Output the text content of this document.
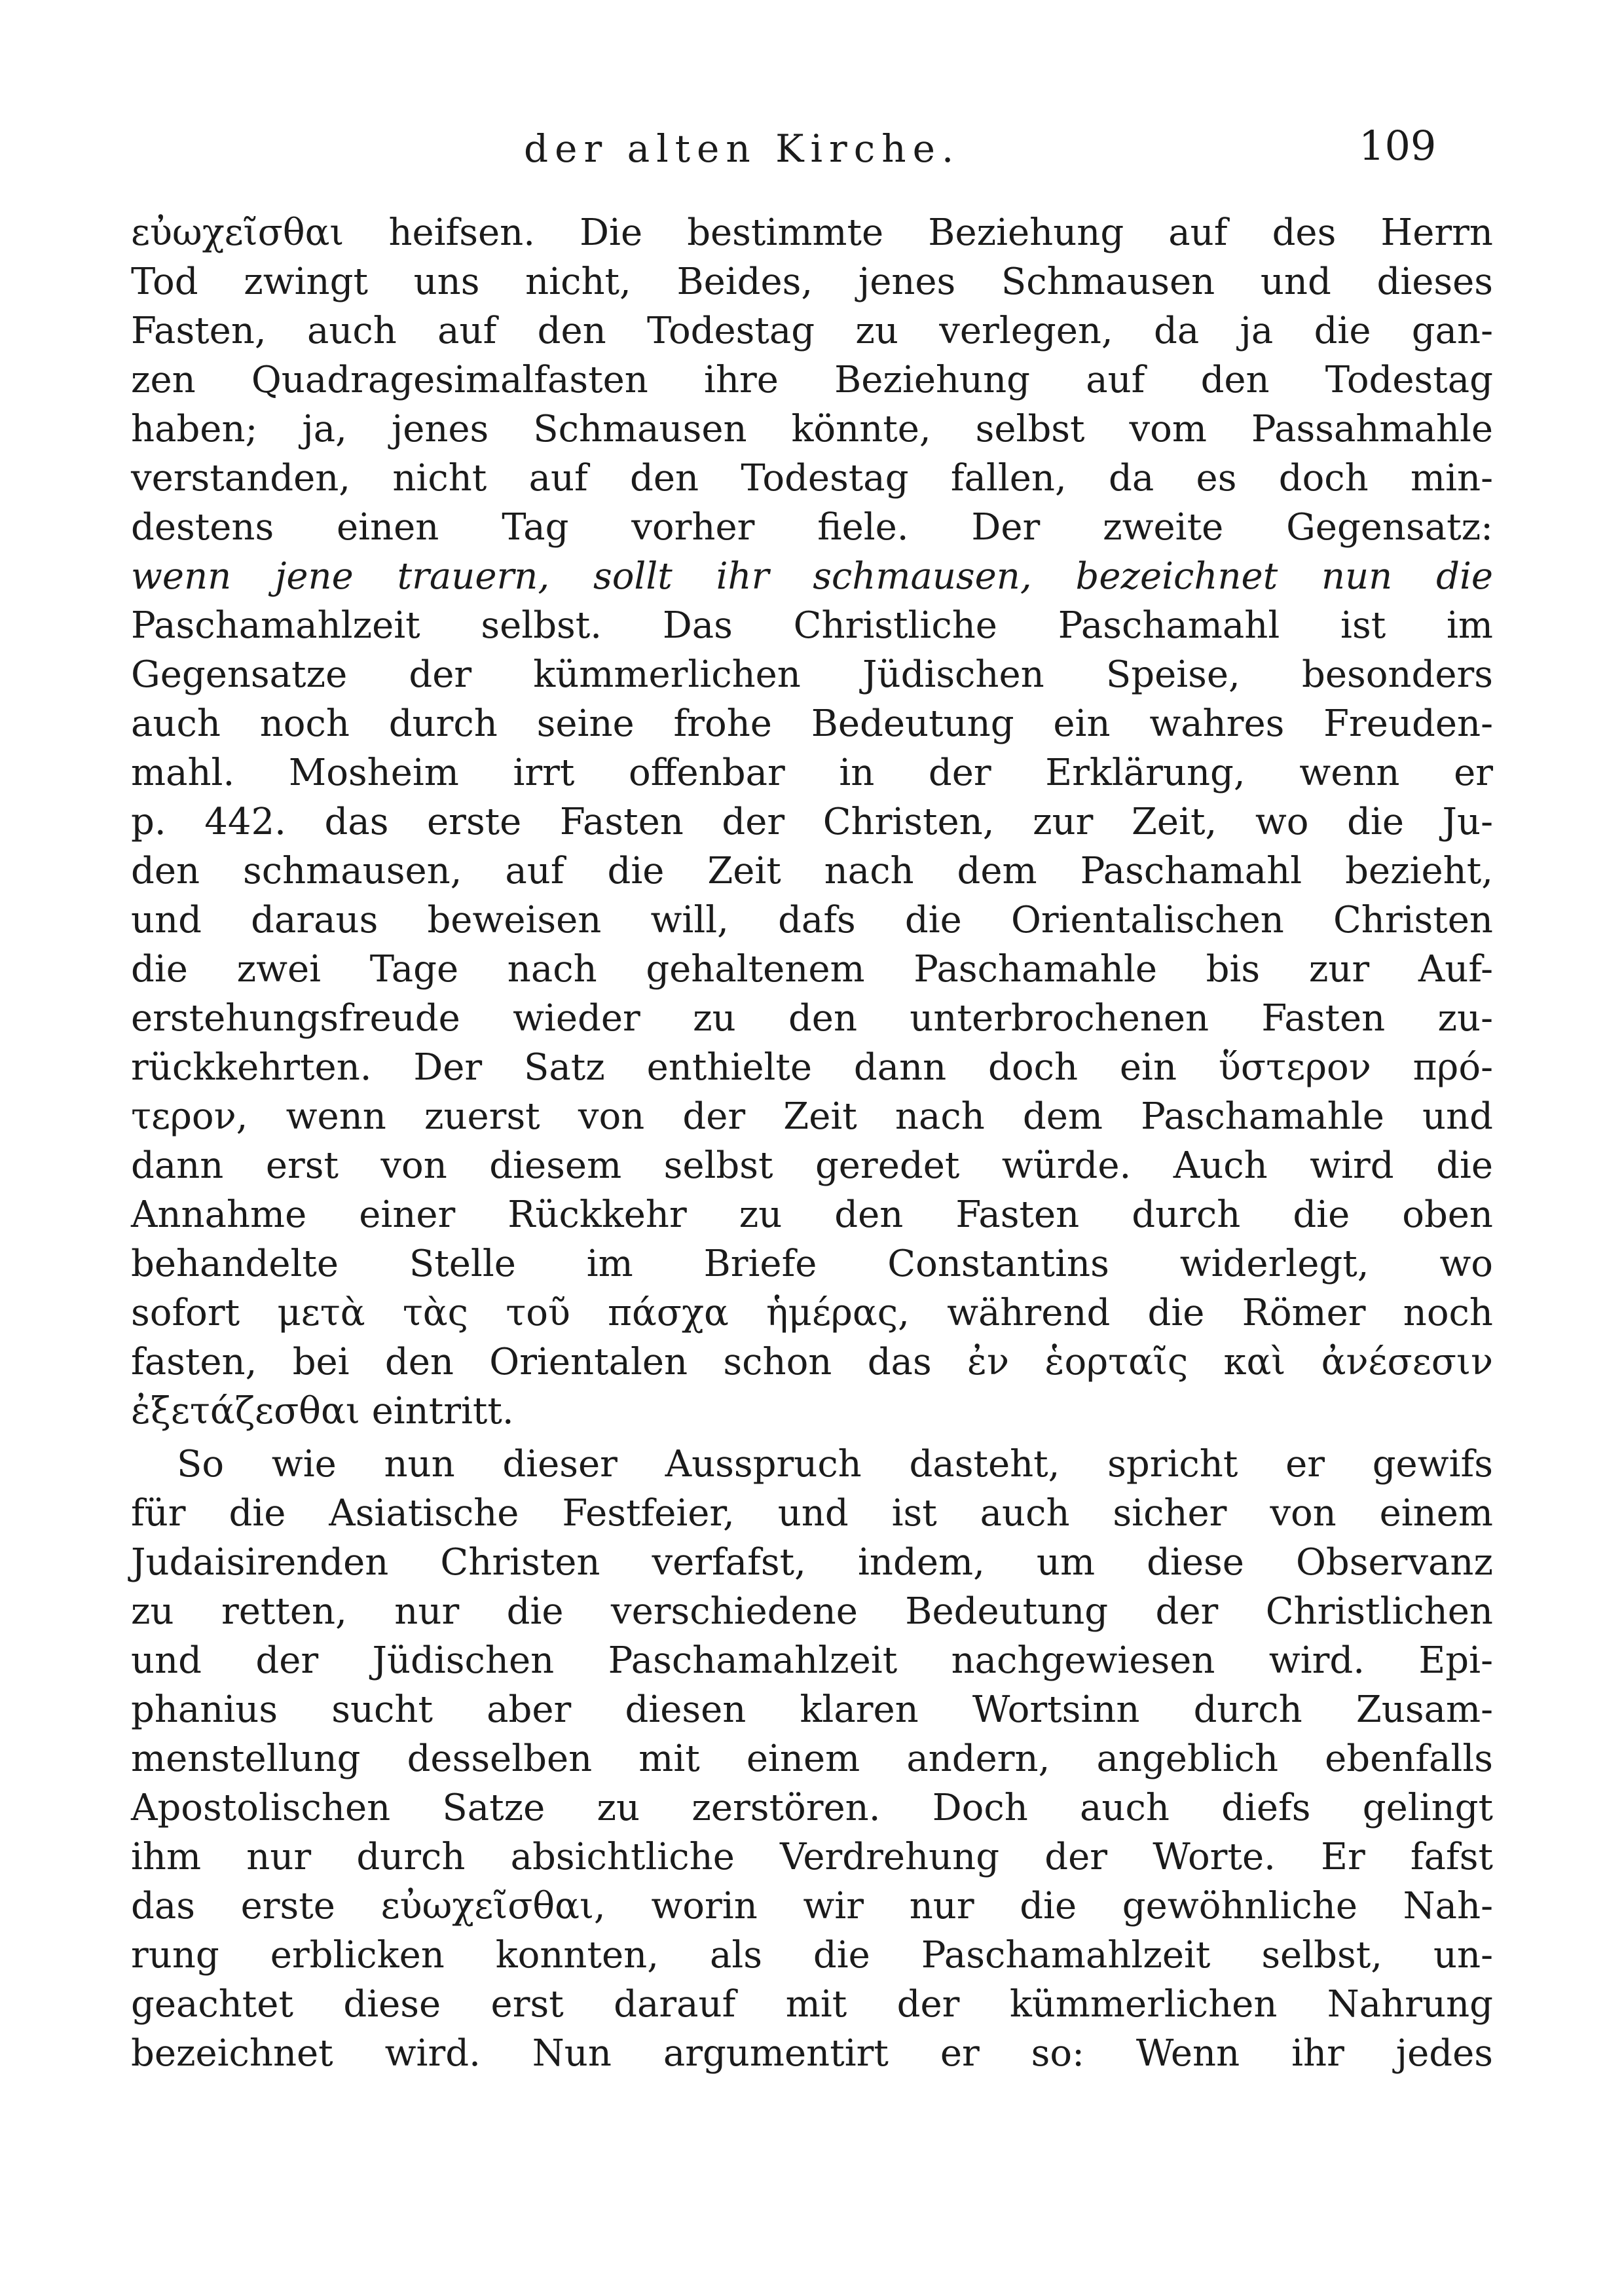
der alten Kirche.	109
εὐωχεῖσθαι heifsen. Die bestimmte Beziehung auf des Herrn
Tod zwingt uns nicht, Beides, jenes Schmausen und dieses
Fasten, auch auf den Todestag zu verlegen, da ja die gan-
zen Quadragesimalfasten ihre Beziehung auf den Todestag
haben; ja, jenes Schmausen könnte, selbst vom Passahmahle
verstanden, nicht auf den Todestag fallen, da es doch min-
destens einen Tag vorher fiele. Der zweite Gegensatz:
wenn jene trauern, sollt ihr schmausen, bezeichnet nun die
Paschamahlzeit selbst. Das Christliche Paschamahl ist im
Gegensatze der kümmerlichen Jüdischen Speise, besonders
auch noch durch seine frohe Bedeutung ein wahres Freuden-
mahl. Mosheim irrt offenbar in der Erklärung, wenn er
p. 442. das erste Fasten der Christen, zur Zeit, wo die Ju-
den schmausen, auf die Zeit nach dem Paschamahl bezieht,
und daraus beweisen will, dafs die Orientalischen Christen
die zwei Tage nach gehaltenem Paschamahle bis zur Auf-
erstehungsfreude wieder zu den unterbrochenen Fasten zu-
rückkehrten. Der Satz enthielte dann doch ein ὕστερον πρό-
τερον, wenn zuerst von der Zeit nach dem Paschamahle und
dann erst von diesem selbst geredet würde. Auch wird die
Annahme einer Rückkehr zu den Fasten durch die oben
behandelte Stelle im Briefe Constantins widerlegt, wo
sofort μετὰ τὰς τοῦ πάσχα ἡμέρας, während die Römer noch
fasten, bei den Orientalen schon das ἐν ἑορταῖς καὶ ἀνέσεσιν
ἐξετάζεσθαι eintritt.
So wie nun dieser Ausspruch dasteht, spricht er gewifs
für die Asiatische Festfeier, und ist auch sicher von einem
Judaisirenden Christen verfafst, indem, um diese Observanz
zu retten, nur die verschiedene Bedeutung der Christlichen
und der Jüdischen Paschamahlzeit nachgewiesen wird. Epi-
phanius sucht aber diesen klaren Wortsinn durch Zusam-
menstellung desselben mit einem andern, angeblich ebenfalls
Apostolischen Satze zu zerstören. Doch auch diefs gelingt
ihm nur durch absichtliche Verdrehung der Worte. Er fafst
das erste εὐωχεῖσθαι, worin wir nur die gewöhnliche Nah-
rung erblicken konnten, als die Paschamahlzeit selbst, un-
geachtet diese erst darauf mit der kümmerlichen Nahrung
bezeichnet wird. Nun argumentirt er so: Wenn ihr jedes
